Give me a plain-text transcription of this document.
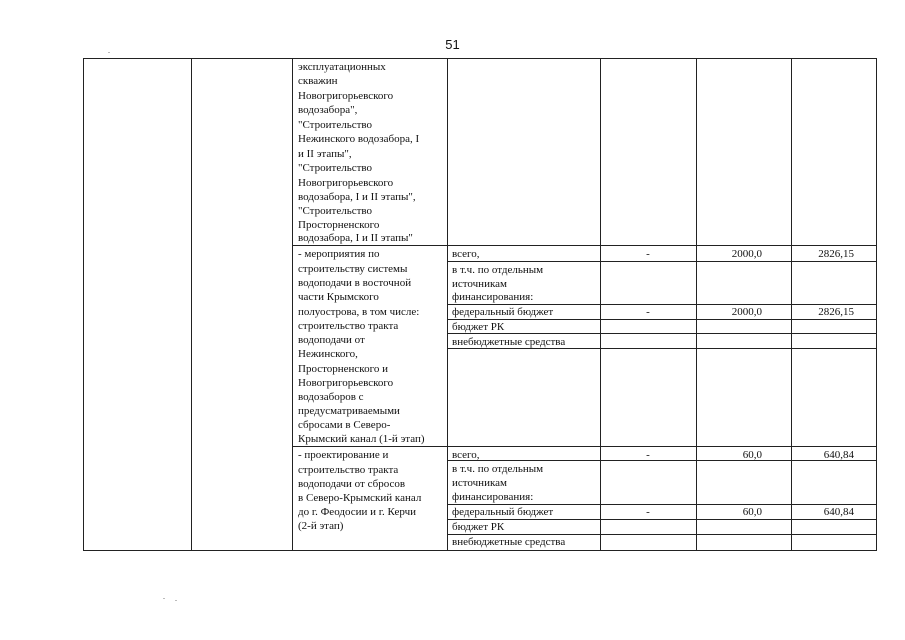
51
эксплуатационных
скважин
Новогригорьевского
водозабора",
"Строительство
Нежинского водозабора, I
и II этапы",
"Строительство
Новогригорьевского
водозабора, I и II этапы",
"Строительство
Просторненского
водозабора, I и II этапы"
- мероприятия по
строительству системы
водоподачи в восточной
части Крымского
полуострова, в том числе:
строительство тракта
водоподачи от
Нежинского,
Просторненского и
Новогригорьевского
водозаборов с
предусматриваемыми
сбросами в Северо-
Крымский канал (1-й этап)
всего,	-	2000,0	2826,15
в т.ч. по отдельным
источникам
финансирования:
федеральный бюджет	-	2000,0	2826,15
бюджет РК
внебюджетные средства
- проектирование и
строительство тракта
водоподачи от сбросов
в Северо-Крымский канал
до г. Феодосии и г. Керчи
(2-й этап)
всего,	-	60,0	640,84
в т.ч. по отдельным
источникам
финансирования:
федеральный бюджет	-	60,0	640,84
бюджет РК
внебюджетные средства
